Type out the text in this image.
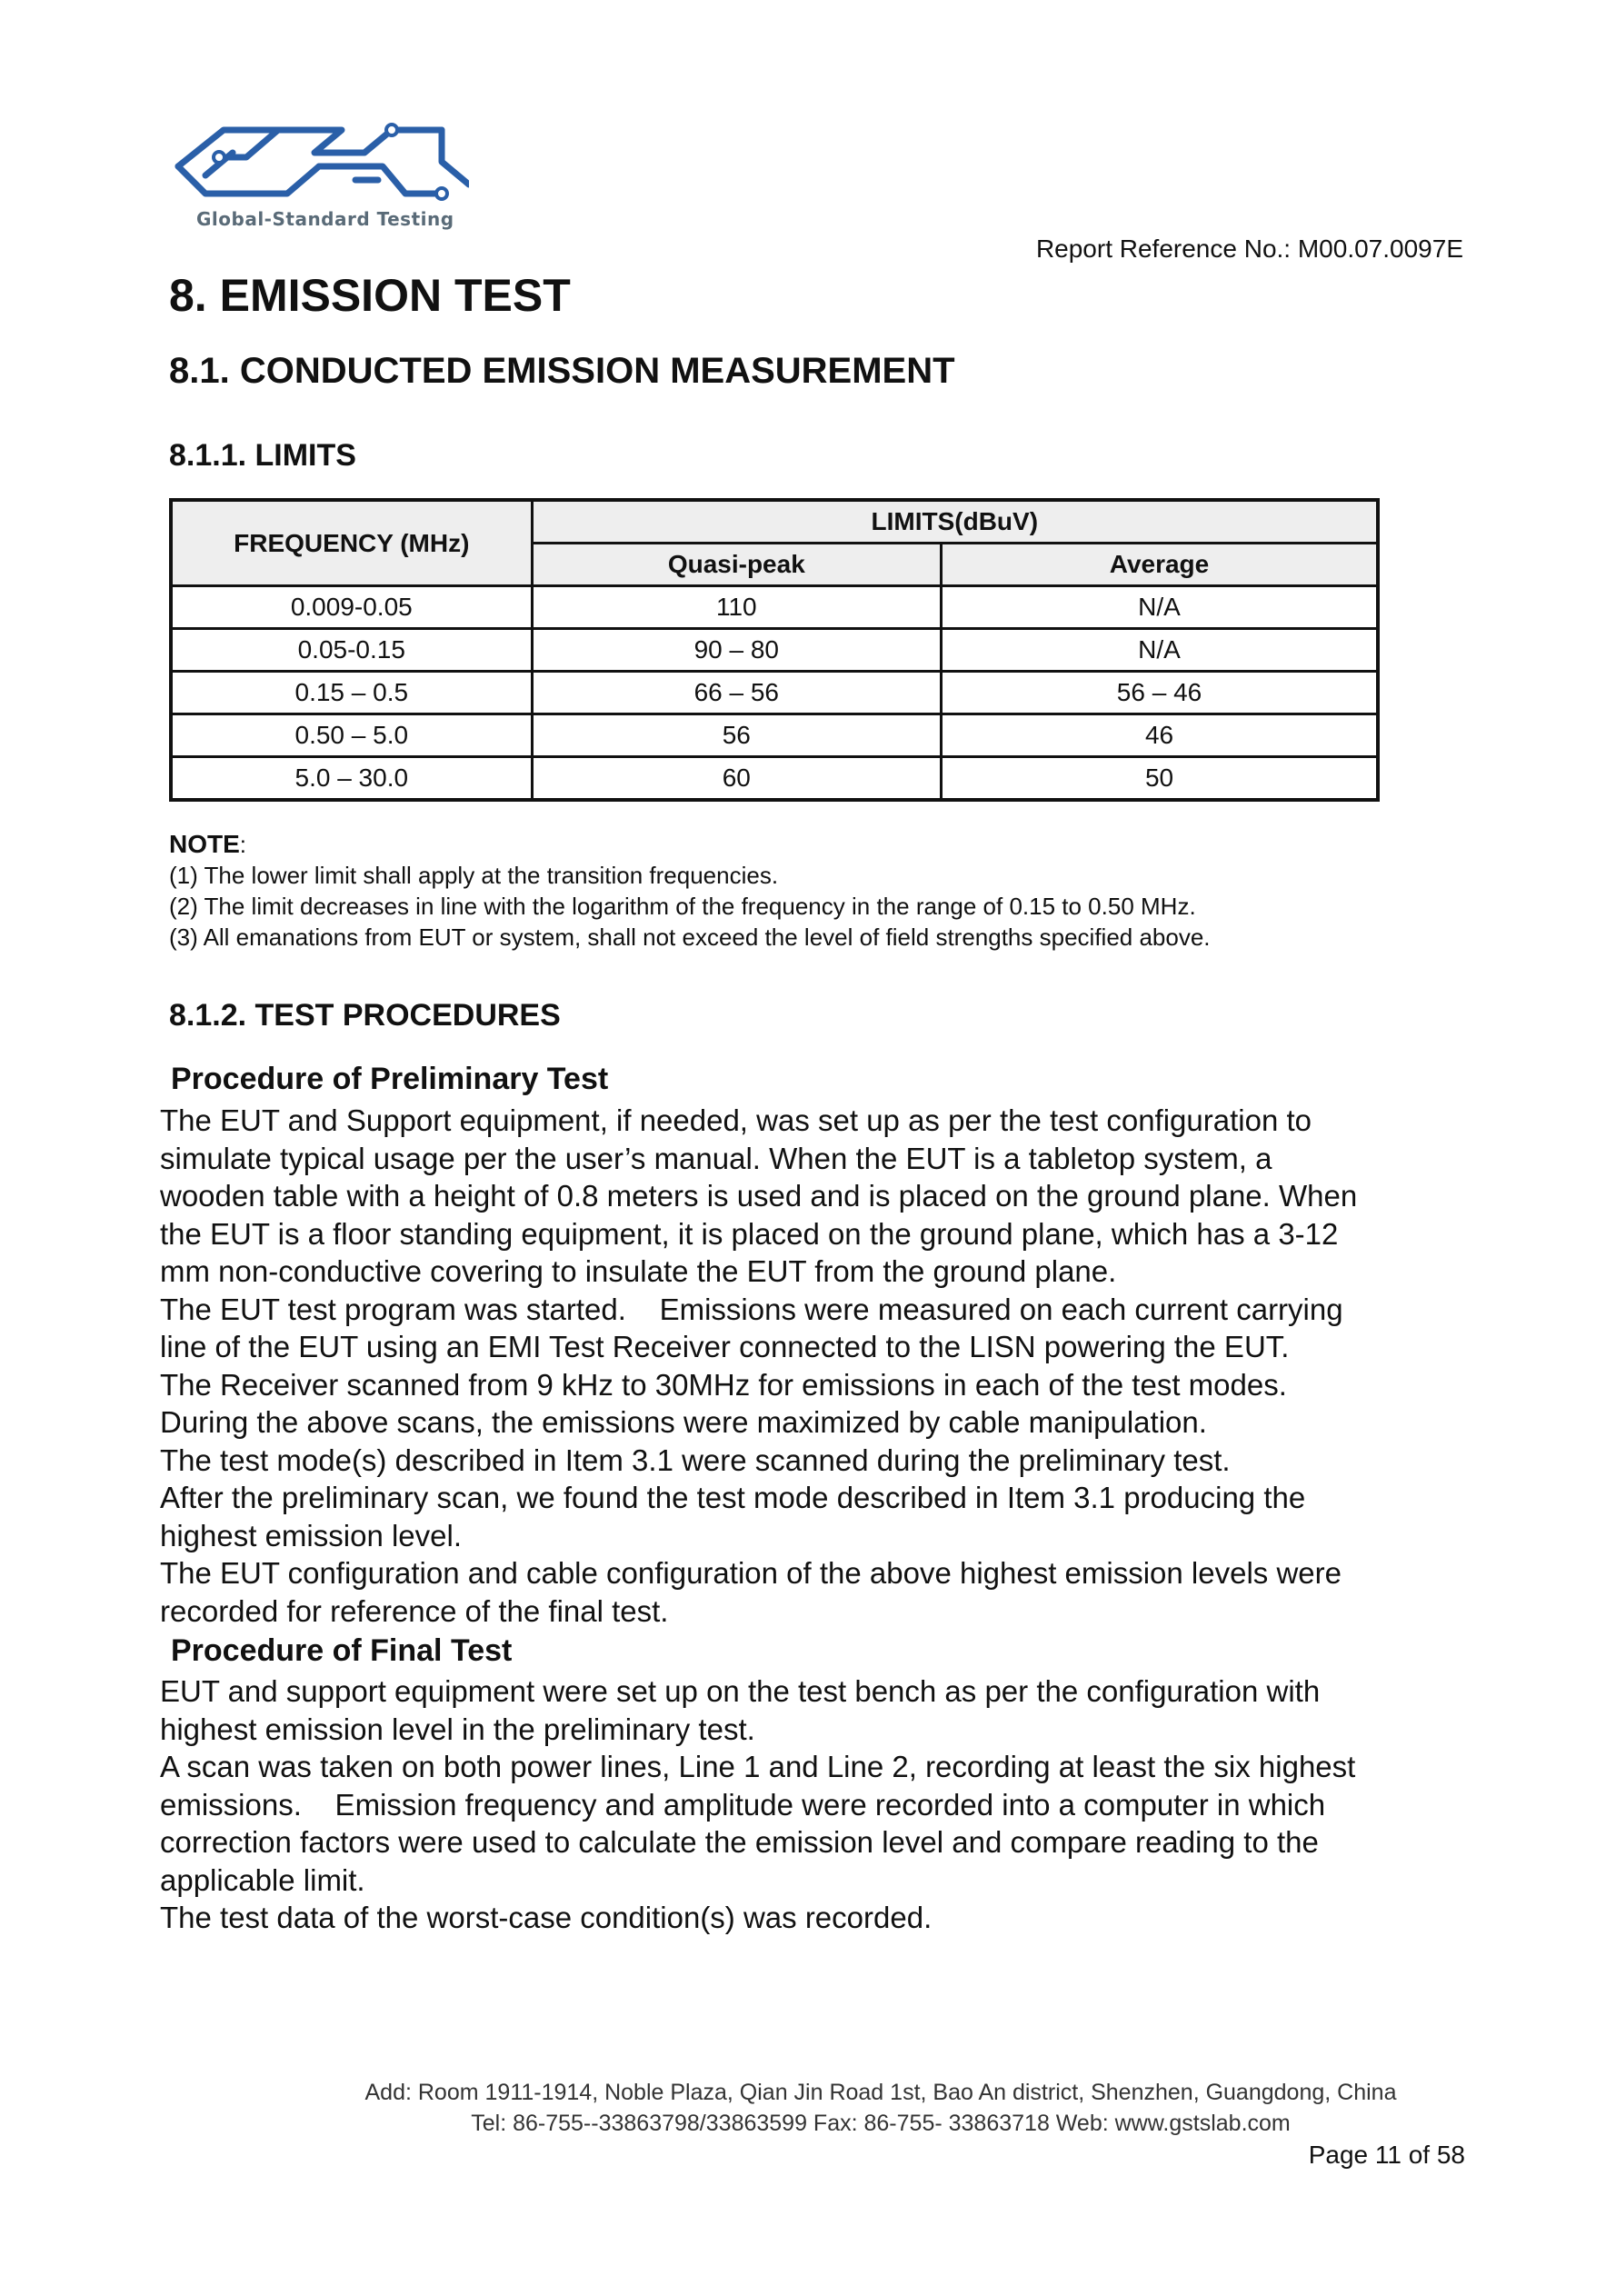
Global-Standard Testing
Report Reference No.: M00.07.0097E
8. EMISSION TEST
8.1. CONDUCTED EMISSION MEASUREMENT
8.1.1. LIMITS
FREQUENCY (MHz)	LIMITS(dBuV)	
	Quasi-peak	Average
0.009-0.05	110	N/A
0.05-0.15	90 – 80	N/A
0.15 – 0.5	66 – 56	56 – 46
0.50 – 5.0	56	46
5.0 – 30.0	60	50
NOTE:
(1) The lower limit shall apply at the transition frequencies.
(2) The limit decreases in line with the logarithm of the frequency in the range of 0.15 to 0.50 MHz.
(3) All emanations from EUT or system, shall not exceed the level of field strengths specified above.
8.1.2. TEST PROCEDURES
Procedure of Preliminary Test
The EUT and Support equipment, if needed, was set up as per the test configuration to
simulate typical usage per the user’s manual. When the EUT is a tabletop system, a
wooden table with a height of 0.8 meters is used and is placed on the ground plane. When
the EUT is a floor standing equipment, it is placed on the ground plane, which has a 3-12
mm non-conductive covering to insulate the EUT from the ground plane.
The EUT test program was started.    Emissions were measured on each current carrying
line of the EUT using an EMI Test Receiver connected to the LISN powering the EUT.
The Receiver scanned from 9 kHz to 30MHz for emissions in each of the test modes.
During the above scans, the emissions were maximized by cable manipulation.
The test mode(s) described in Item 3.1 were scanned during the preliminary test.
After the preliminary scan, we found the test mode described in Item 3.1 producing the
highest emission level.
The EUT configuration and cable configuration of the above highest emission levels were
recorded for reference of the final test.
Procedure of Final Test
EUT and support equipment were set up on the test bench as per the configuration with
highest emission level in the preliminary test.
A scan was taken on both power lines, Line 1 and Line 2, recording at least the six highest
emissions.    Emission frequency and amplitude were recorded into a computer in which
correction factors were used to calculate the emission level and compare reading to the
applicable limit.
The test data of the worst-case condition(s) was recorded.
Add: Room 1911-1914, Noble Plaza, Qian Jin Road 1st, Bao An district, Shenzhen, Guangdong, China
Tel: 86-755--33863798/33863599 Fax: 86-755- 33863718 Web: www.gstslab.com
Page 11 of 58
